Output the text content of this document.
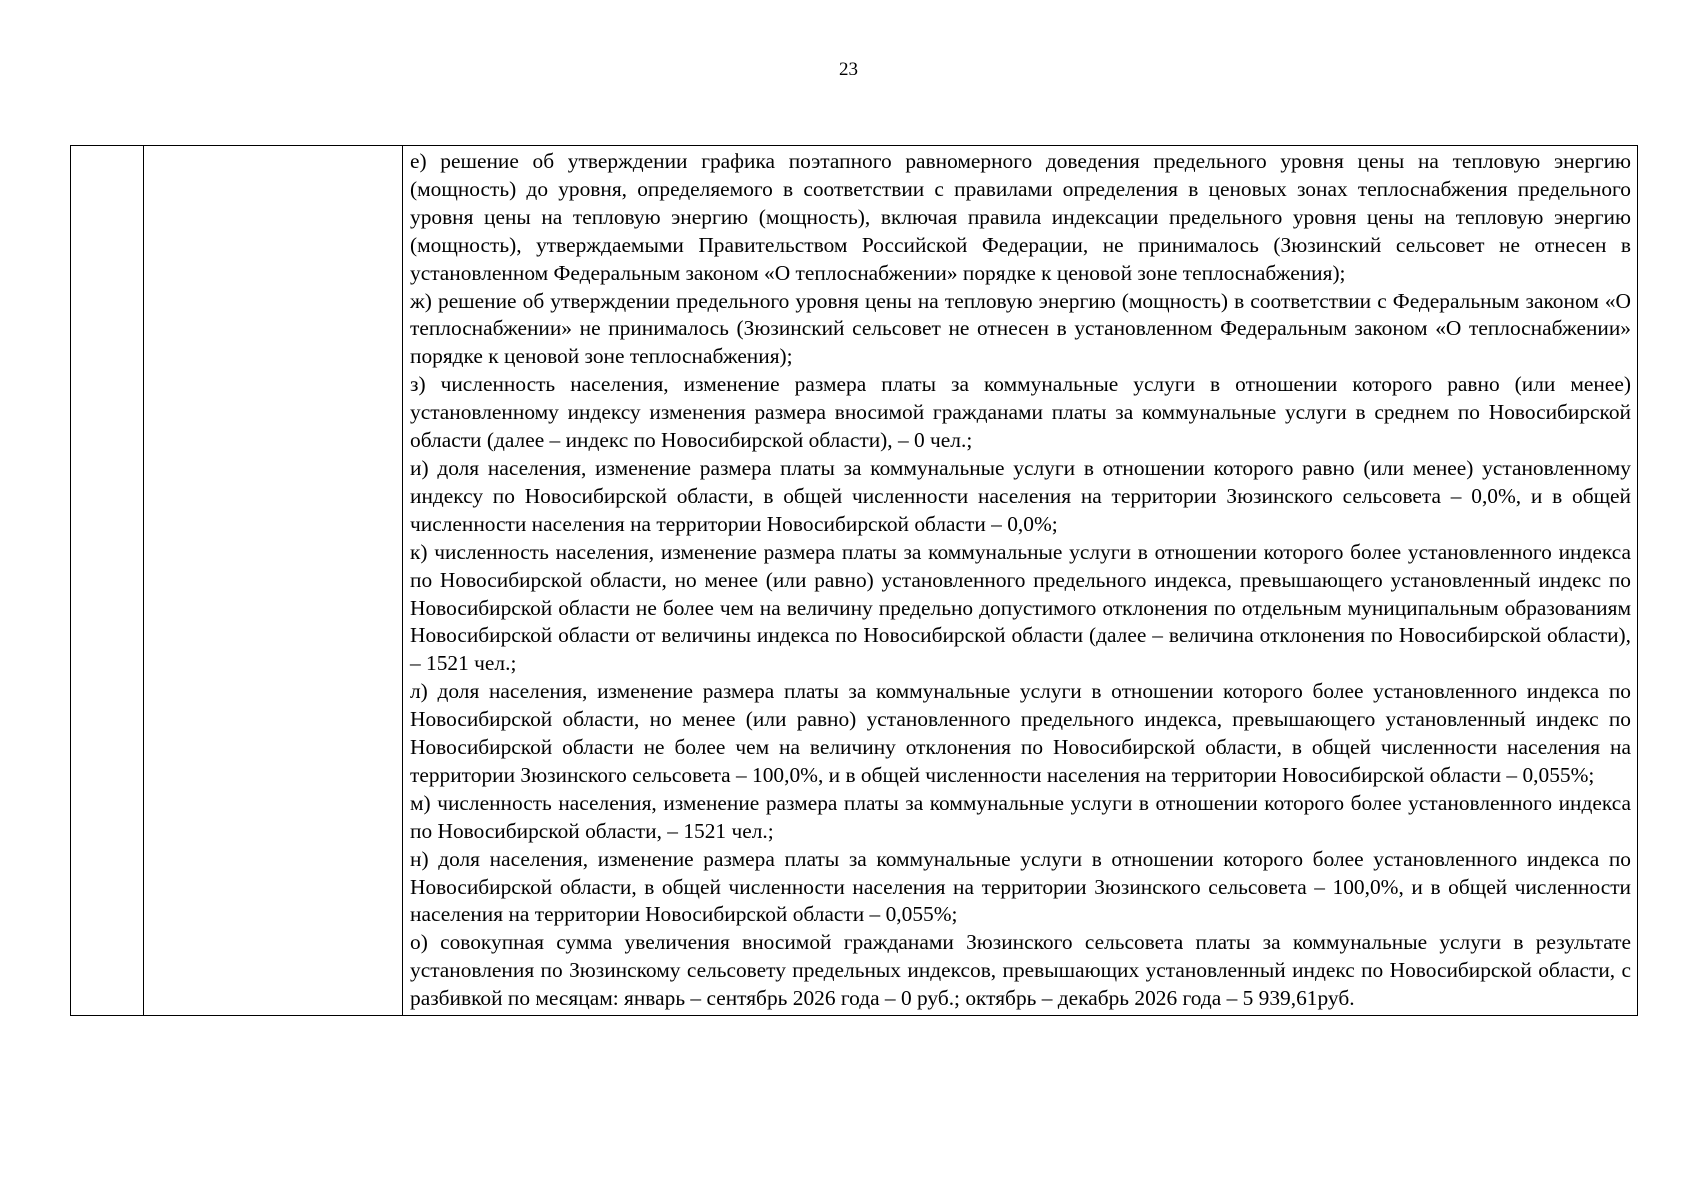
23

е) решение об утверждении графика поэтапного равномерного доведения предельного уровня цены на тепловую энергию (мощность) до уровня, определяемого в соответствии с правилами определения в ценовых зонах теплоснабжения предельного уровня цены на тепловую энергию (мощность), включая правила индексации предельного уровня цены на тепловую энергию (мощность), утверждаемыми Правительством Российской Федерации, не принималось (Зюзинский сельсовет не отнесен в установленном Федеральным законом «О теплоснабжении» порядке к ценовой зоне теплоснабжения);

ж) решение об утверждении предельного уровня цены на тепловую энергию (мощность) в соответствии с Федеральным законом «О теплоснабжении» не принималось (Зюзинский сельсовет не отнесен в установленном Федеральным законом «О теплоснабжении» порядке к ценовой зоне теплоснабжения);

з) численность населения, изменение размера платы за коммунальные услуги в отношении которого равно (или менее) установленному индексу изменения размера вносимой гражданами платы за коммунальные услуги в среднем по Новосибирской области (далее – индекс по Новосибирской области), – 0 чел.;

и) доля населения, изменение размера платы за коммунальные услуги в отношении которого равно (или менее) установленному индексу по Новосибирской области, в общей численности населения на территории Зюзинского сельсовета – 0,0%, и в общей численности населения на территории Новосибирской области – 0,0%;

к) численность населения, изменение размера платы за коммунальные услуги в отношении которого более установленного индекса по Новосибирской области, но менее (или равно) установленного предельного индекса, превышающего установленный индекс по Новосибирской области не более чем на величину предельно допустимого отклонения по отдельным муниципальным образованиям Новосибирской области от величины индекса по Новосибирской области (далее – величина отклонения по Новосибирской области), – 1521 чел.;

л) доля населения, изменение размера платы за коммунальные услуги в отношении которого более установленного индекса по Новосибирской области, но менее (или равно) установленного предельного индекса, превышающего установленный индекс по Новосибирской области не более чем на величину отклонения по Новосибирской области, в общей численности населения на территории Зюзинского сельсовета – 100,0%, и в общей численности населения на территории Новосибирской области – 0,055%;

м) численность населения, изменение размера платы за коммунальные услуги в отношении которого более установленного индекса по Новосибирской области, – 1521 чел.;

н) доля населения, изменение размера платы за коммунальные услуги в отношении которого более установленного индекса по Новосибирской области, в общей численности населения на территории Зюзинского сельсовета – 100,0%, и в общей численности населения на территории Новосибирской области – 0,055%;

о) совокупная сумма увеличения вносимой гражданами Зюзинского сельсовета платы за коммунальные услуги в результате установления по Зюзинскому сельсовету предельных индексов, превышающих установленный индекс по Новосибирской области, с разбивкой по месяцам: январь – сентябрь 2026 года – 0 руб.; октябрь – декабрь 2026 года – 5 939,61руб.
